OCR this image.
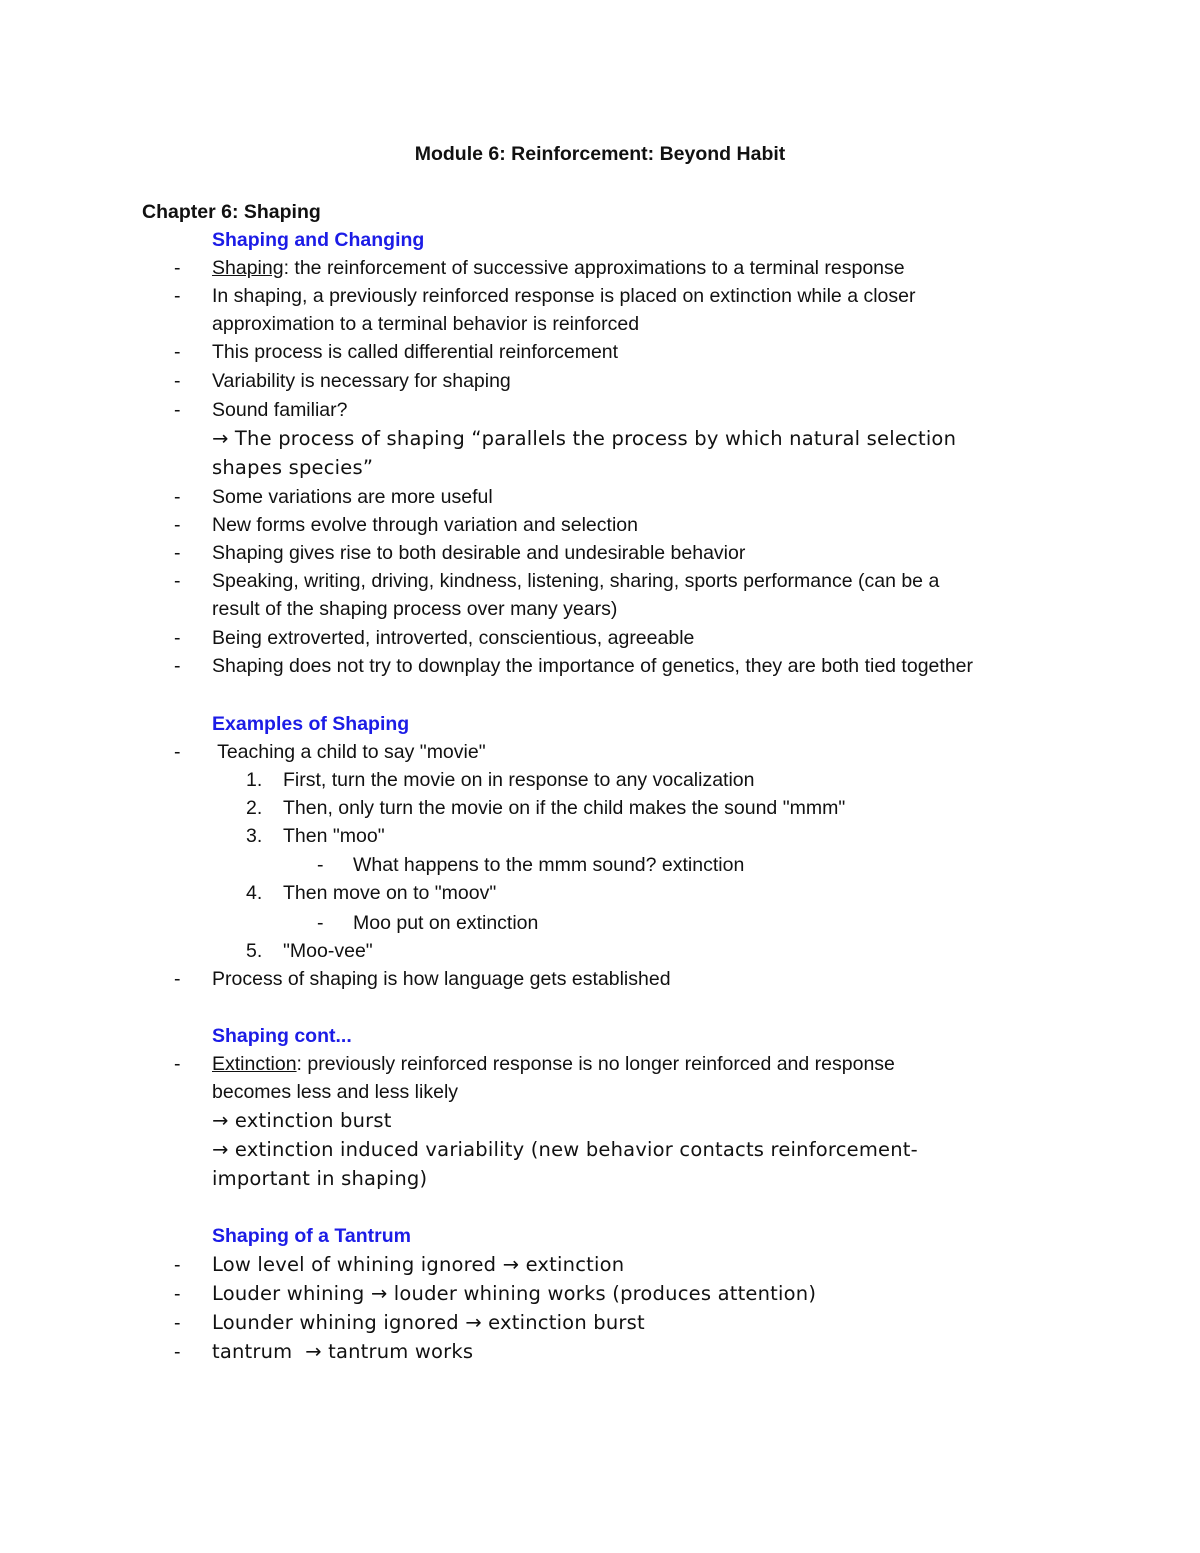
Module 6: Reinforcement: Beyond Habit
Chapter 6: Shaping
Shaping and Changing
- Shaping: the reinforcement of successive approximations to a terminal response
- In shaping, a previously reinforced response is placed on extinction while a closer
approximation to a terminal behavior is reinforced
- This process is called differential reinforcement
- Variability is necessary for shaping
- Sound familiar?
→ The process of shaping “parallels the process by which natural selection
shapes species”
- Some variations are more useful
- New forms evolve through variation and selection
- Shaping gives rise to both desirable and undesirable behavior
- Speaking, writing, driving, kindness, listening, sharing, sports performance (can be a
result of the shaping process over many years)
- Being extroverted, introverted, conscientious, agreeable
- Shaping does not try to downplay the importance of genetics, they are both tied together
Examples of Shaping
- Teaching a child to say "movie"
1. First, turn the movie on in response to any vocalization
2. Then, only turn the movie on if the child makes the sound "mmm"
3. Then "moo"
- What happens to the mmm sound? extinction
4. Then move on to "moov"
- Moo put on extinction
5. "Moo-vee"
- Process of shaping is how language gets established
Shaping cont...
- Extinction: previously reinforced response is no longer reinforced and response
becomes less and less likely
→ extinction burst
→ extinction induced variability (new behavior contacts reinforcement-
important in shaping)
Shaping of a Tantrum
- Low level of whining ignored → extinction
- Louder whining → louder whining works (produces attention)
- Lounder whining ignored → extinction burst
- tantrum  → tantrum works
